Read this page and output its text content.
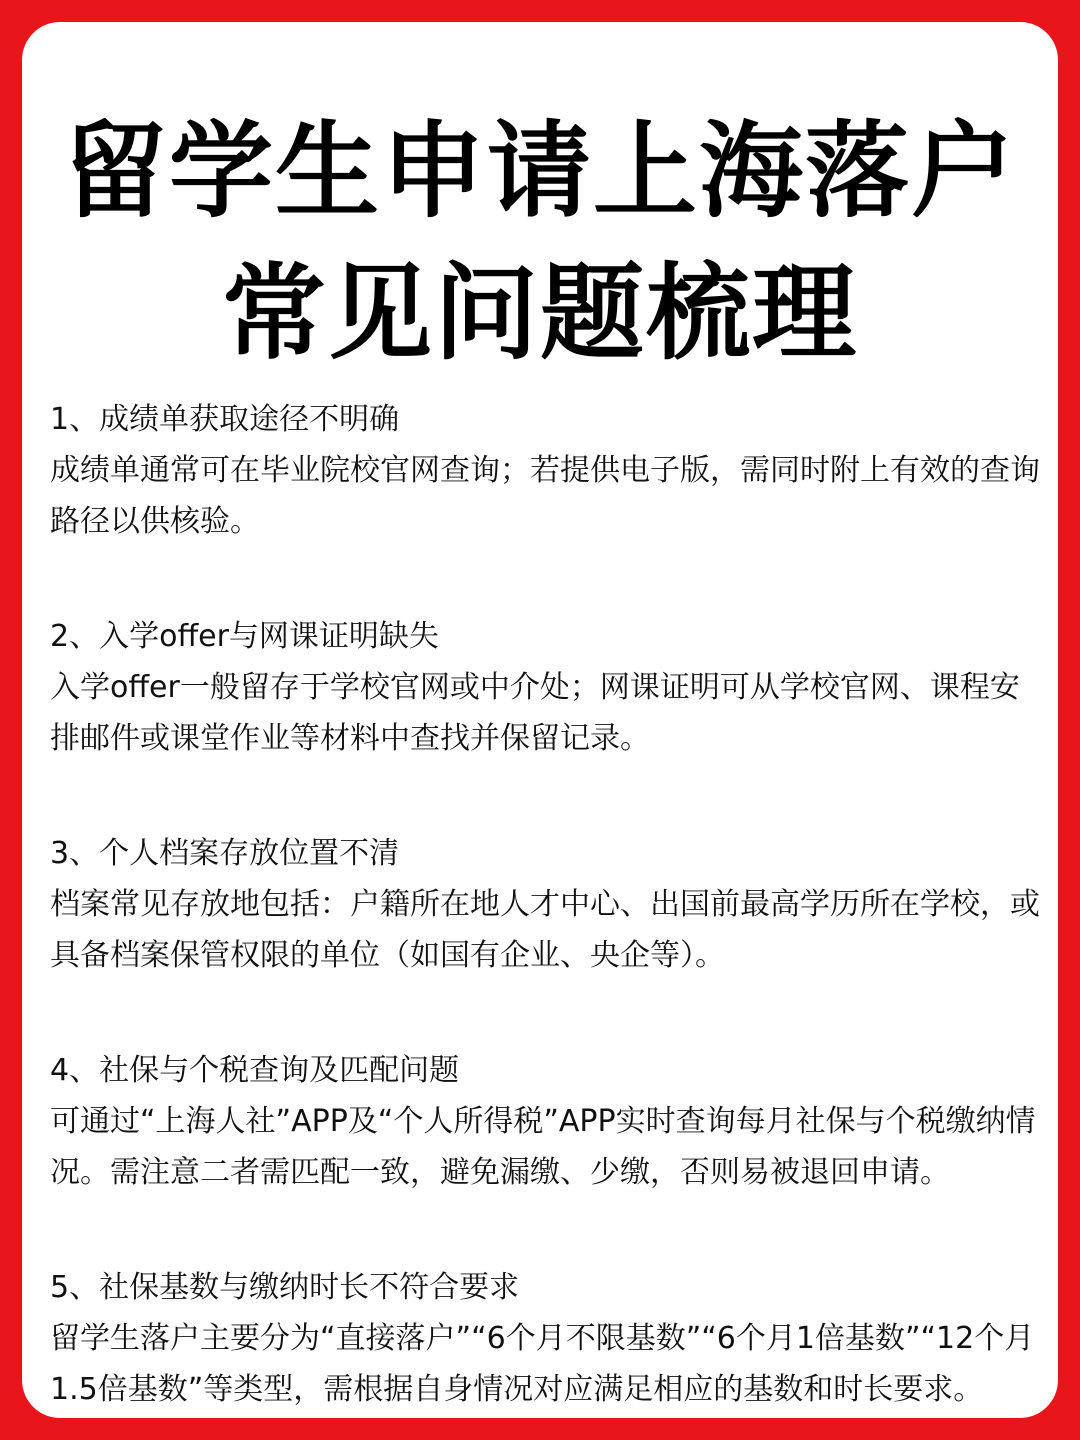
留学生申请上海落户
常见问题梳理
1、成绩单获取途径不明确
成绩单通常可在毕业院校官网查询；若提供电子版，需同时附上有效的查询路径以供核验。
2、入学offer与网课证明缺失
入学offer一般留存于学校官网或中介处；网课证明可从学校官网、课程安排邮件或课堂作业等材料中查找并保留记录。
3、个人档案存放位置不清
档案常见存放地包括：户籍所在地人才中心、出国前最高学历所在学校，或具备档案保管权限的单位（如国有企业、央企等）。
4、社保与个税查询及匹配问题
可通过“上海人社”APP及“个人所得税”APP实时查询每月社保与个税缴纳情况。需注意二者需匹配一致，避免漏缴、少缴，否则易被退回申请。
5、社保基数与缴纳时长不符合要求
留学生落户主要分为“直接落户”“6个月不限基数”“6个月1倍基数”“12个月1.5倍基数”等类型，需根据自身情况对应满足相应的基数和时长要求。
